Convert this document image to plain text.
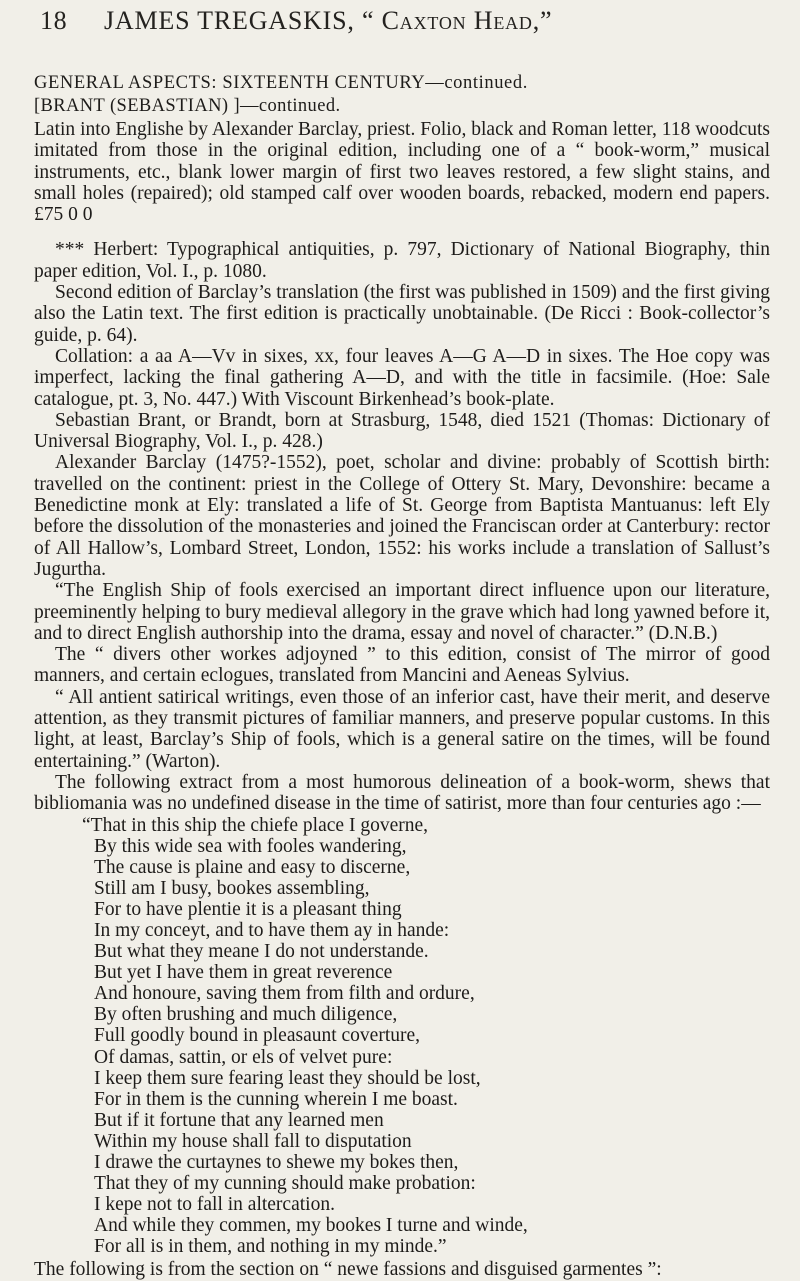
18	JAMES TREGASKIS, “ Caxton Head,”
GENERAL ASPECTS: SIXTEENTH CENTURY—continued.
[BRANT (SEBASTIAN) ]—continued.

Latin into Englishe by Alexander Barclay, priest. Folio, black and Roman letter, 118 woodcuts imitated from those in the original edition, including one of a “ book-worm,” musical instruments, etc., blank lower margin of first two leaves restored, a few slight stains, and small holes (repaired); old stamped calf over wooden boards, rebacked, modern end papers. £75 0 0

*** Herbert: Typographical antiquities, p. 797, Dictionary of National Biography, thin paper edition, Vol. I., p. 1080.

Second edition of Barclay’s translation (the first was published in 1509) and the first giving also the Latin text. The first edition is practically unobtainable. (De Ricci : Book-collector’s guide, p. 64).

Collation: a aa A—Vv in sixes, xx, four leaves A—G A—D in sixes. The Hoe copy was imperfect, lacking the final gathering A—D, and with the title in facsimile. (Hoe: Sale catalogue, pt. 3, No. 447.) With Viscount Birkenhead’s book-plate.

Sebastian Brant, or Brandt, born at Strasburg, 1548, died 1521 (Thomas: Dictionary of Universal Biography, Vol. I., p. 428.)

Alexander Barclay (1475?-1552), poet, scholar and divine: probably of Scottish birth: travelled on the continent: priest in the College of Ottery St. Mary, Devonshire: became a Benedictine monk at Ely: translated a life of St. George from Baptista Mantuanus: left Ely before the dissolution of the monasteries and joined the Franciscan order at Canterbury: rector of All Hallow’s, Lombard Street, London, 1552: his works include a translation of Sallust’s Jugurtha.

“The English Ship of fools exercised an important direct influence upon our literature, preeminently helping to bury medieval allegory in the grave which had long yawned before it, and to direct English authorship into the drama, essay and novel of character.” (D.N.B.)

The “ divers other workes adjoyned ” to this edition, consist of The mirror of good manners, and certain eclogues, translated from Mancini and Aeneas Sylvius.

“ All antient satirical writings, even those of an inferior cast, have their merit, and deserve attention, as they transmit pictures of familiar manners, and preserve popular customs. In this light, at least, Barclay’s Ship of fools, which is a general satire on the times, will be found entertaining.” (Warton).

The following extract from a most humorous delineation of a book-worm, shews that bibliomania was no undefined disease in the time of satirist, more than four centuries ago :—

“That in this ship the chiefe place I governe,
By this wide sea with fooles wandering,
The cause is plaine and easy to discerne,
Still am I busy, bookes assembling,
For to have plentie it is a pleasant thing
In my conceyt, and to have them ay in hande:
But what they meane I do not understande.
But yet I have them in great reverence
And honoure, saving them from filth and ordure,
By often brushing and much diligence,
Full goodly bound in pleasaunt coverture,
Of damas, sattin, or els of velvet pure:
I keep them sure fearing least they should be lost,
For in them is the cunning wherein I me boast.
But if it fortune that any learned men
Within my house shall fall to disputation
I drawe the curtaynes to shewe my bokes then,
That they of my cunning should make probation:
I kepe not to fall in altercation.
And while they commen, my bookes I turne and winde,
For all is in them, and nothing in my minde.”

The following is from the section on “ newe fassions and disguised garmentes ”:
